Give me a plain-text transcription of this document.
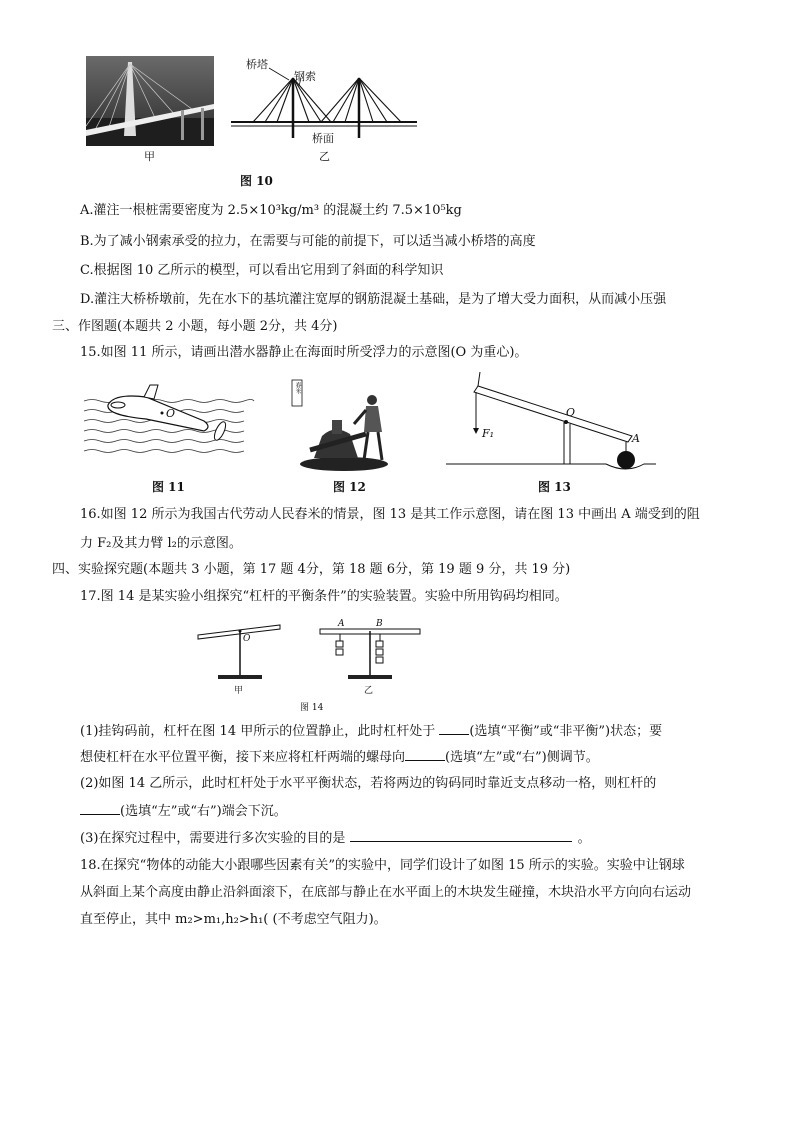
甲
桥塔
钢索
桥面
乙
图 10
A.灌注一根桩需要密度为 2.5×10³kg/m³ 的混凝土约 7.5×10⁵kg
B.为了减小钢索承受的拉力，在需要与可能的前提下，可以适当减小桥塔的高度
C.根据图 10 乙所示的模型，可以看出它用到了斜面的科学知识
D.灌注大桥桥墩前，先在水下的基坑灌注宽厚的钢筋混凝土基础，是为了增大受力面积，从而减小压强
三、作图题(本题共 2 小题，每小题 2分，共 4分)
15.如图 11 所示，请画出潜水器静止在海面时所受浮力的示意图(O 为重心)。
O
舂米
O
A
F₁
图 11	图 12	图 13
16.如图 12 所示为我国古代劳动人民舂米的情景，图 13 是其工作示意图，请在图 13 中画出 A 端受到的阻
力 F₂及其力臂 l₂的示意图。
四、实验探究题(本题共 3 小题，第 17 题 4分，第 18 题 6分，第 19 题 9 分，共 19 分)
17.图 14 是某实验小组探究“杠杆的平衡条件”的实验装置。实验中所用钩码均相同。
O
A	B
甲	乙
图 14
(1)挂钩码前，杠杆在图 14 甲所示的位置静止，此时杠杆处于 (选填“平衡”或“非平衡”)状态；要
想使杠杆在水平位置平衡，接下来应将杠杆两端的螺母向	(选填“左”或“右”)侧调节。
(2)如图 14 乙所示，此时杠杆处于水平平衡状态，若将两边的钩码同时靠近支点移动一格，则杠杆的
(选填“左”或“右”)端会下沉。
(3)在探究过程中，需要进行多次实验的目的是	。
18.在探究“物体的动能大小跟哪些因素有关”的实验中，同学们设计了如图 15 所示的实验。实验中让钢球
从斜面上某个高度由静止沿斜面滚下，在底部与静止在水平面上的木块发生碰撞，木块沿水平方向向右运动
直至停止，其中 m₂>m₁,h₂>h₁( (不考虑空气阻力)。
